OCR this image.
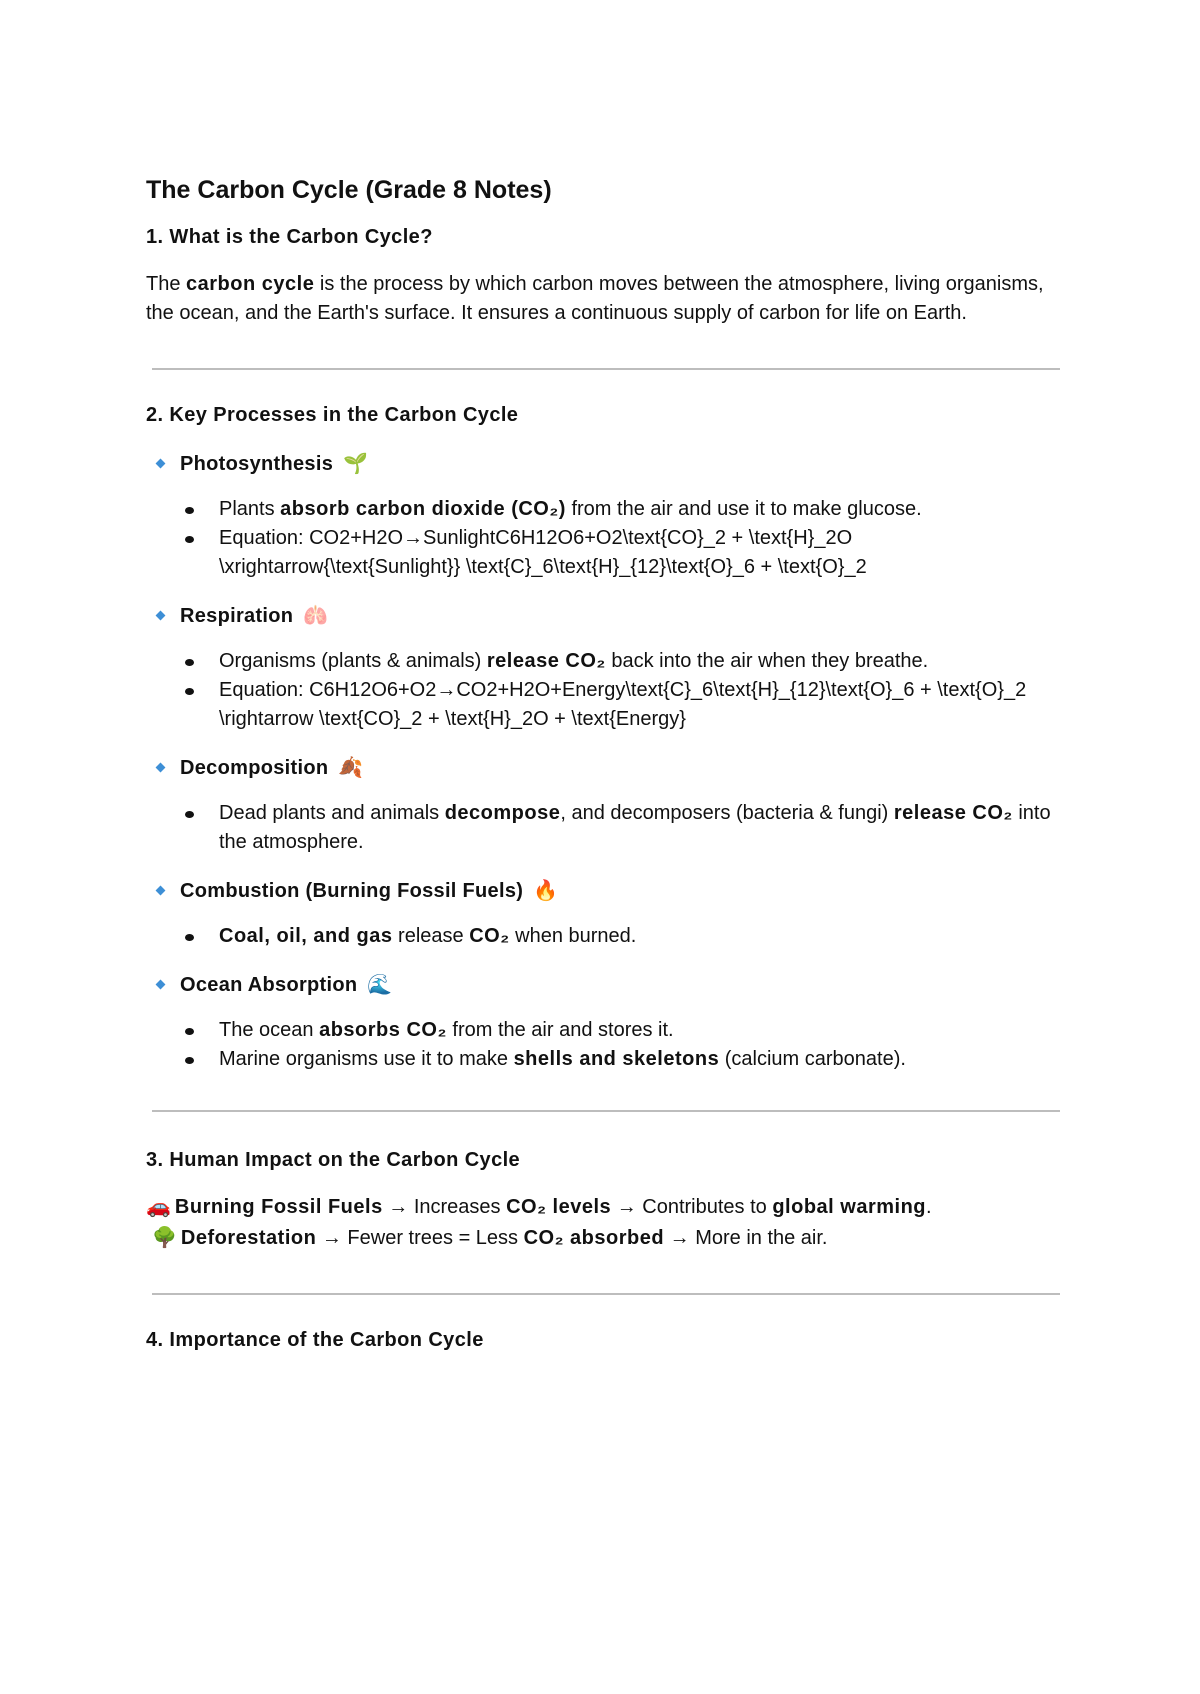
The Carbon Cycle (Grade 8 Notes)
1. What is the Carbon Cycle?

The carbon cycle is the process by which carbon moves between the atmosphere, living organisms, the ocean, and the Earth's surface. It ensures a continuous supply of carbon for life on Earth.

2. Key Processes in the Carbon Cycle
Photosynthesis 🌱
Plants absorb carbon dioxide (CO₂) from the air and use it to make glucose.
Equation: CO2+H2O→SunlightC6H12O6+O2\text{CO}_2 + \text{H}_2O \xrightarrow{\text{Sunlight}} \text{C}_6\text{H}_{12}\text{O}_6 + \text{O}_2
Respiration 🫁
Organisms (plants & animals) release CO₂ back into the air when they breathe.
Equation: C6H12O6+O2→CO2+H2O+Energy\text{C}_6\text{H}_{12}\text{O}_6 + \text{O}_2 \rightarrow \text{CO}_2 + \text{H}_2O + \text{Energy}
Decomposition 🍂
Dead plants and animals decompose, and decomposers (bacteria & fungi) release CO₂ into the atmosphere.
Combustion (Burning Fossil Fuels) 🔥
Coal, oil, and gas release CO₂ when burned.
Ocean Absorption 🌊
The ocean absorbs CO₂ from the air and stores it.
Marine organisms use it to make shells and skeletons (calcium carbonate).
3. Human Impact on the Carbon Cycle
🚗 Burning Fossil Fuels → Increases CO₂ levels → Contributes to global warming.
🌳 Deforestation → Fewer trees = Less CO₂ absorbed → More in the air.
4. Importance of the Carbon Cycle
